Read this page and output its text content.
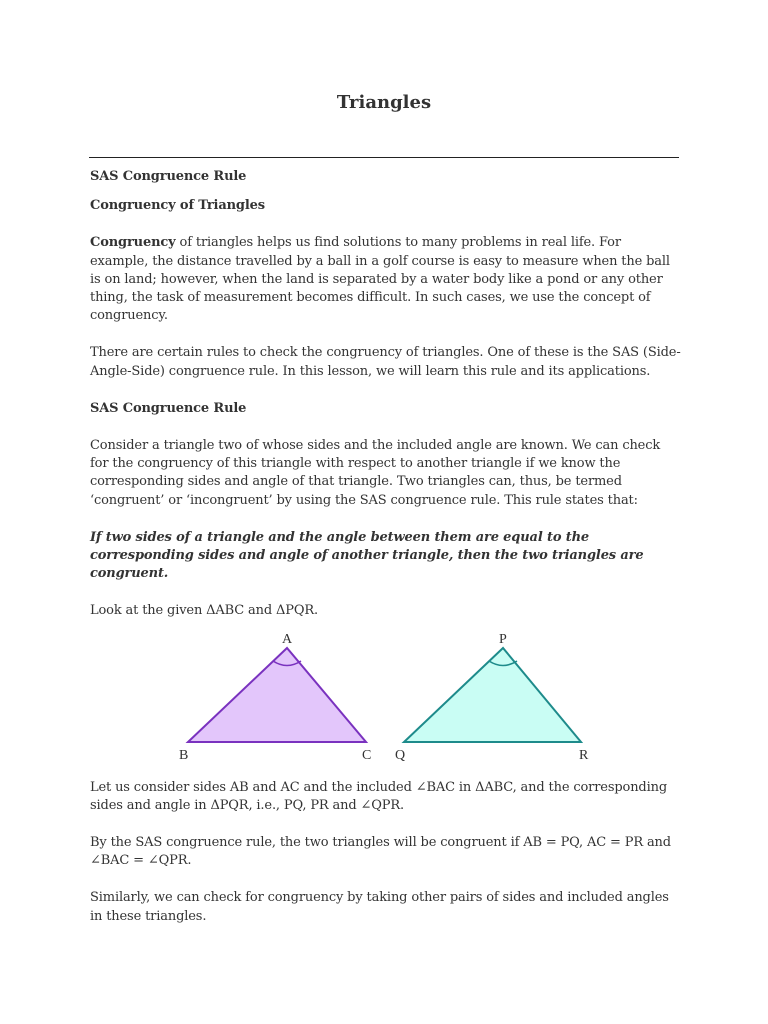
Triangles

SAS Congruence Rule

Congruency of Triangles

Congruency of triangles helps us find solutions to many problems in real life. For example, the distance travelled by a ball in a golf course is easy to measure when the ball is on land; however, when the land is separated by a water body like a pond or any other thing, the task of measurement becomes difficult. In such cases, we use the concept of congruency.

There are certain rules to check the congruency of triangles. One of these is the SAS (Side-Angle-Side) congruence rule. In this lesson, we will learn this rule and its applications.

SAS Congruence Rule

Consider a triangle two of whose sides and the included angle are known. We can check for the congruency of this triangle with respect to another triangle if we know the corresponding sides and angle of that triangle. Two triangles can, thus, be termed ‘congruent’ or ‘incongruent’ by using the SAS congruence rule. This rule states that:

If two sides of a triangle and the angle between them are equal to the corresponding sides and angle of another triangle, then the two triangles are congruent.

Look at the given ΔABC and ΔPQR.

A
B	C
P
Q	R

Let us consider sides AB and AC and the included ∠BAC in ΔABC, and the corresponding sides and angle in ΔPQR, i.e., PQ, PR and ∠QPR.

By the SAS congruence rule, the two triangles will be congruent if AB = PQ, AC = PR and ∠BAC = ∠QPR.

Similarly, we can check for congruency by taking other pairs of sides and included angles in these triangles.
